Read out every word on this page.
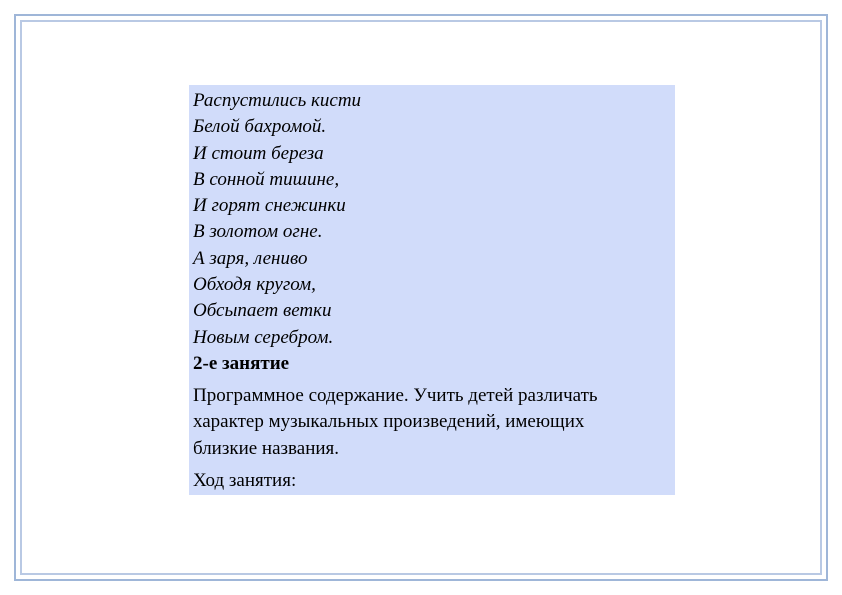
Распустились кисти
Белой бахромой.
И стоит береза
В сонной тишине,
И горят снежинки
В золотом огне.
А заря, лениво
Обходя кругом,
Обсыпает ветки
Новым серебром.
2-е занятие
Программное содержание. Учить детей различать
характер музыкальных произведений, имеющих
близкие названия.
Ход занятия:
